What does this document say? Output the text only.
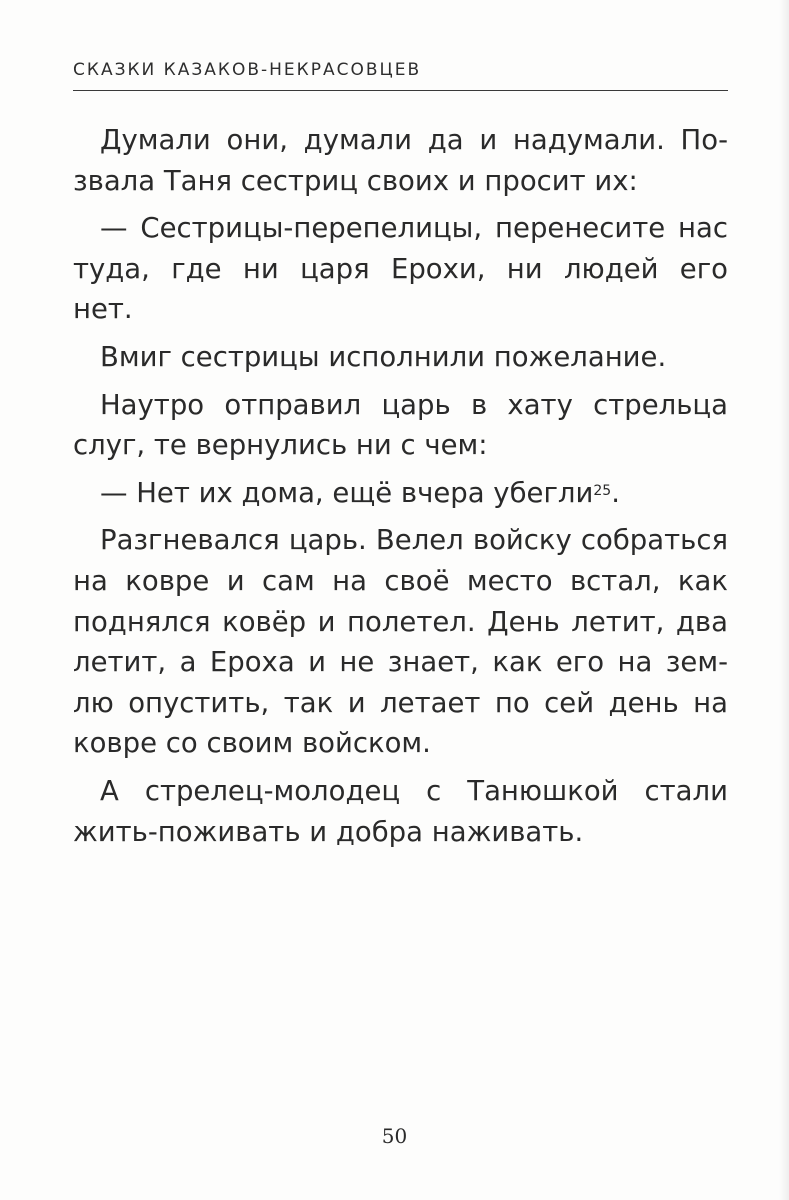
СКАЗКИ КАЗАКОВ-НЕКРАСОВЦЕВ
Думали они, думали да и надумали. По-
звала Таня сестриц своих и просит их:
— Сестрицы-перепелицы, перенесите нас
туда, где ни царя Ерохи, ни людей его
нет.
Вмиг сестрицы исполнили пожелание.
Наутро отправил царь в хату стрельца
слуг, те вернулись ни с чем:
— Нет их дома, ещё вчера убегли$^{25}$.
Разгневался царь. Велел войску собраться
на ковре и сам на своё место встал, как
поднялся ковёр и полетел. День летит, два
летит, а Ероха и не знает, как его на зем-
лю опустить, так и летает по сей день на
ковре со своим войском.
А стрелец-молодец с Танюшкой стали
жить-поживать и добра наживать.
50
